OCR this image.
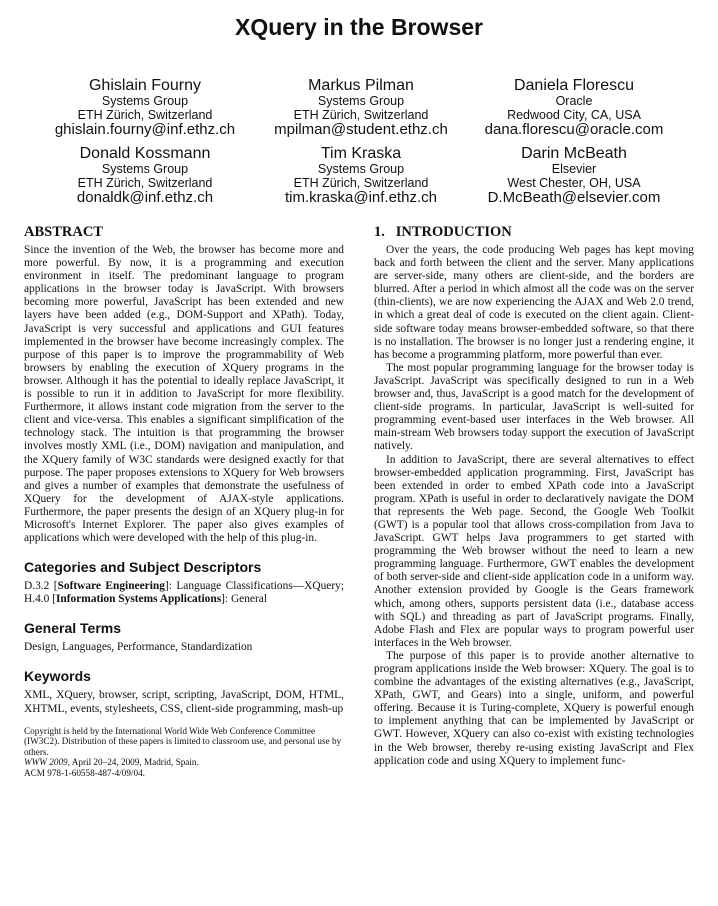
XQuery in the Browser
Ghislain Fourny
Systems Group
ETH Zürich, Switzerland
ghislain.fourny@inf.ethz.ch
Markus Pilman
Systems Group
ETH Zürich, Switzerland
mpilman@student.ethz.ch
Daniela Florescu
Oracle
Redwood City, CA, USA
dana.florescu@oracle.com
Donald Kossmann
Systems Group
ETH Zürich, Switzerland
donaldk@inf.ethz.ch
Tim Kraska
Systems Group
ETH Zürich, Switzerland
tim.kraska@inf.ethz.ch
Darin McBeath
Elsevier
West Chester, OH, USA
D.McBeath@elsevier.com
ABSTRACT

Since the invention of the Web, the browser has become more and more powerful. By now, it is a programming and execution environment in itself. The predominant language to program applications in the browser today is JavaScript. With browsers becoming more powerful, JavaScript has been extended and new layers have been added (e.g., DOM-Support and XPath). Today, JavaScript is very successful and applications and GUI features implemented in the browser have become increasingly complex. The purpose of this paper is to improve the programmability of Web browsers by enabling the execution of XQuery programs in the browser. Although it has the potential to ideally replace JavaScript, it is possible to run it in addition to JavaScript for more flexibility. Furthermore, it allows instant code migration from the server to the client and vice-versa. This enables a significant simplification of the technology stack. The intuition is that programming the browser involves mostly XML (i.e., DOM) navigation and manipulation, and the XQuery family of W3C standards were designed exactly for that purpose. The paper proposes extensions to XQuery for Web browsers and gives a number of examples that demonstrate the usefulness of XQuery for the development of AJAX-style applications. Furthermore, the paper presents the design of an XQuery plug-in for Microsoft's Internet Explorer. The paper also gives examples of applications which were developed with the help of this plug-in.

Categories and Subject Descriptors

D.3.2 [Software Engineering]: Language Classifications—XQuery; H.4.0 [Information Systems Applications]: General

General Terms

Design, Languages, Performance, Standardization

Keywords

XML, XQuery, browser, script, scripting, JavaScript, DOM, HTML, XHTML, events, stylesheets, CSS, client-side programming, mash-up

Copyright is held by the International World Wide Web Conference Committee (IW3C2). Distribution of these papers is limited to classroom use, and personal use by others.
WWW 2009, April 20–24, 2009, Madrid, Spain.
ACM 978-1-60558-487-4/09/04.
1.   INTRODUCTION

Over the years, the code producing Web pages has kept moving back and forth between the client and the server. Many applications are server-side, many others are client-side, and the borders are blurred. After a period in which almost all the code was on the server (thin-clients), we are now experiencing the AJAX and Web 2.0 trend, in which a great deal of code is executed on the client again. Client-side software today means browser-embedded software, so that there is no installation. The browser is no longer just a rendering engine, it has become a programming platform, more powerful than ever.

The most popular programming language for the browser today is JavaScript. JavaScript was specifically designed to run in a Web browser and, thus, JavaScript is a good match for the development of client-side programs. In particular, JavaScript is well-suited for programming event-based user interfaces in the Web browser. All main-stream Web browsers today support the execution of JavaScript natively.

In addition to JavaScript, there are several alternatives to effect browser-embedded application programming. First, JavaScript has been extended in order to embed XPath code into a JavaScript program. XPath is useful in order to declaratively navigate the DOM that represents the Web page. Second, the Google Web Toolkit (GWT) is a popular tool that allows cross-compilation from Java to JavaScript. GWT helps Java programmers to get started with programming the Web browser without the need to learn a new programming language. Furthermore, GWT enables the development of both server-side and client-side application code in a uniform way. Another extension provided by Google is the Gears framework which, among others, supports persistent data (i.e., database access with SQL) and threading as part of JavaScript programs. Finally, Adobe Flash and Flex are popular ways to program powerful user interfaces in the Web browser.

The purpose of this paper is to provide another alternative to program applications inside the Web browser: XQuery. The goal is to combine the advantages of the existing alternatives (e.g., JavaScript, XPath, GWT, and Gears) into a single, uniform, and powerful offering. Because it is Turing-complete, XQuery is powerful enough to implement anything that can be implemented by JavaScript or GWT. However, XQuery can also co-exist with existing technologies in the Web browser, thereby re-using existing JavaScript and Flex application code and using XQuery to implement func-
